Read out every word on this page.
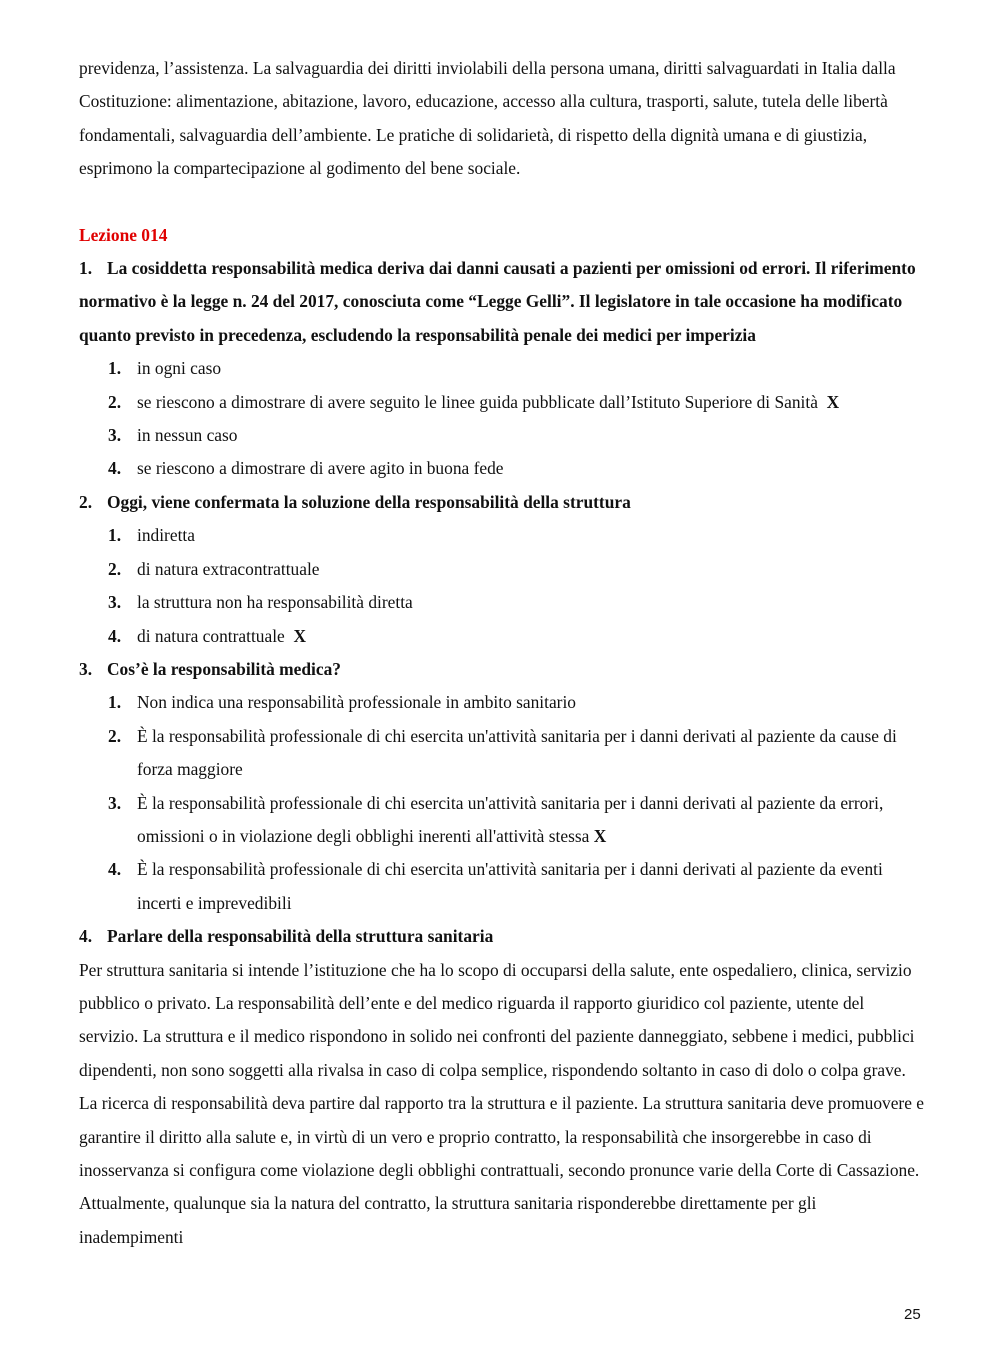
previdenza, l’assistenza. La salvaguardia dei diritti inviolabili della persona umana, diritti salvaguardati in Italia dalla Costituzione: alimentazione, abitazione, lavoro, educazione, accesso alla cultura, trasporti, salute, tutela delle libertà fondamentali, salvaguardia dell’ambiente. Le pratiche di solidarietà, di rispetto della dignità umana e di giustizia, esprimono la compartecipazione al godimento del bene sociale.

Lezione 014

1. La cosiddetta responsabilità medica deriva dai danni causati a pazienti per omissioni od errori. Il riferimento normativo è la legge n. 24 del 2017, conosciuta come “Legge Gelli”. Il legislatore in tale occasione ha modificato quanto previsto in precedenza, escludendo la responsabilità penale dei medici per imperizia

1. in ogni caso
2. se riescono a dimostrare di avere seguito le linee guida pubblicate dall’Istituto Superiore di Sanità X
3. in nessun caso
4. se riescono a dimostrare di avere agito in buona fede

2. Oggi, viene confermata la soluzione della responsabilità della struttura

1. indiretta
2. di natura extracontrattuale
3. la struttura non ha responsabilità diretta
4. di natura contrattuale X

3. Cos’è la responsabilità medica?

1. Non indica una responsabilità professionale in ambito sanitario
2. È la responsabilità professionale di chi esercita un'attività sanitaria per i danni derivati al paziente da cause di forza maggiore
3. È la responsabilità professionale di chi esercita un'attività sanitaria per i danni derivati al paziente da errori, omissioni o in violazione degli obblighi inerenti all'attività stessa X
4. È la responsabilità professionale di chi esercita un'attività sanitaria per i danni derivati al paziente da eventi incerti e imprevedibili

4. Parlare della responsabilità della struttura sanitaria

Per struttura sanitaria si intende l’istituzione che ha lo scopo di occuparsi della salute, ente ospedaliero, clinica, servizio pubblico o privato. La responsabilità dell’ente e del medico riguarda il rapporto giuridico col paziente, utente del servizio. La struttura e il medico rispondono in solido nei confronti del paziente danneggiato, sebbene i medici, pubblici dipendenti, non sono soggetti alla rivalsa in caso di colpa semplice, rispondendo soltanto in caso di dolo o colpa grave. La ricerca di responsabilità deva partire dal rapporto tra la struttura e il paziente. La struttura sanitaria deve promuovere e garantire il diritto alla salute e, in virtù di un vero e proprio contratto, la responsabilità che insorgerebbe in caso di inosservanza si configura come violazione degli obblighi contrattuali, secondo pronunce varie della Corte di Cassazione. Attualmente, qualunque sia la natura del contratto, la struttura sanitaria risponderebbe direttamente per gli inadempimenti

25
